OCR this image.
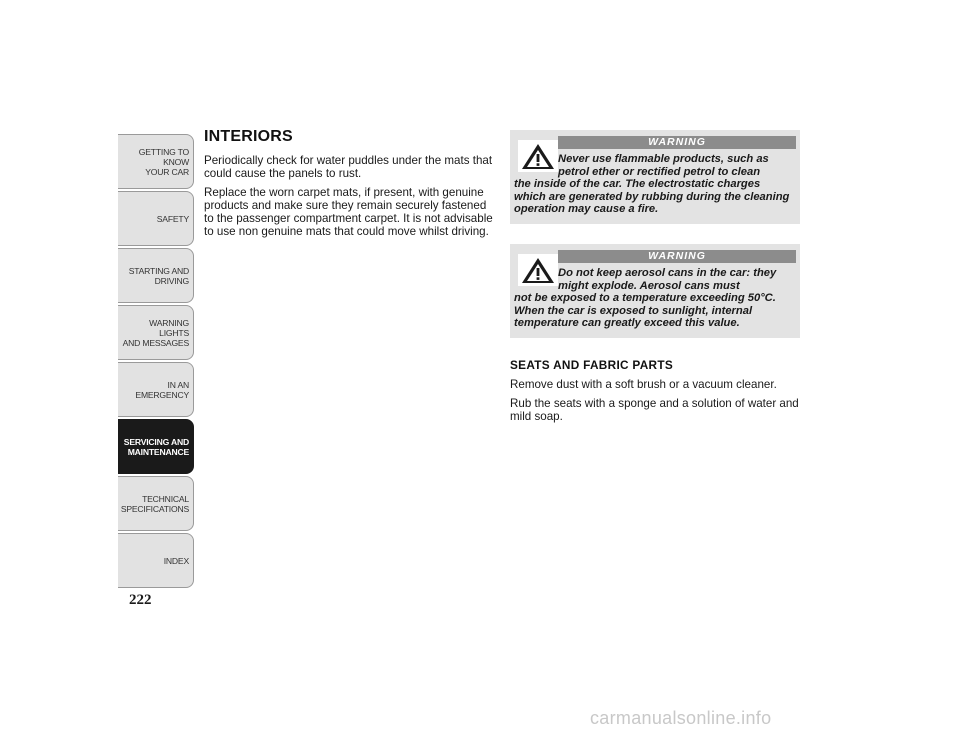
GETTING TO KNOW
YOUR CAR
SAFETY
STARTING AND
DRIVING
WARNING LIGHTS
AND MESSAGES
IN AN EMERGENCY
SERVICING AND
MAINTENANCE
TECHNICAL
SPECIFICATIONS
INDEX
222
INTERIORS

Periodically check for water puddles under the mats that could cause the panels to rust.

Replace the worn carpet mats, if present, with genuine products and make sure they remain securely fastened to the passenger compartment carpet. It is not advisable to use non genuine mats that could move whilst driving.

WARNING
Never use flammable products, such as petrol ether or rectified petrol to clean
the inside of the car. The electrostatic charges which are generated by rubbing during the cleaning operation may cause a fire.
WARNING
Do not keep aerosol cans in the car: they might explode. Aerosol cans must
not be exposed to a temperature exceeding 50°C. When the car is exposed to sunlight, internal temperature can greatly exceed this value.
SEATS AND FABRIC PARTS

Remove dust with a soft brush or a vacuum cleaner.

Rub the seats with a sponge and a solution of water and mild soap.

carmanualsonline.info
